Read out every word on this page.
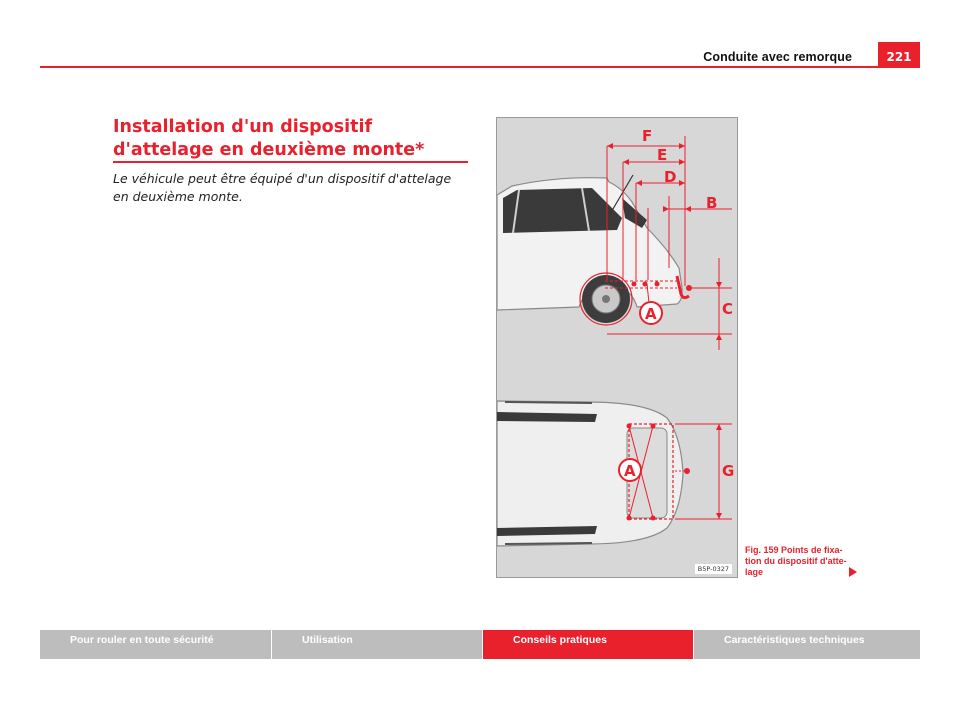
Conduite avec remorque	221
Installation d'un dispositif d'attelage en deuxième monte*

Le véhicule peut être équipé d'un dispositif d'attelage en deuxième monte.

F
E
D
B
C
G
A
A
B5P-0327
Fig. 159 Points de fixa-tion du dispositif d'atte-lage
Pour rouler en toute sécurité	Utilisation	Conseils pratiques	Caractéristiques techniques
